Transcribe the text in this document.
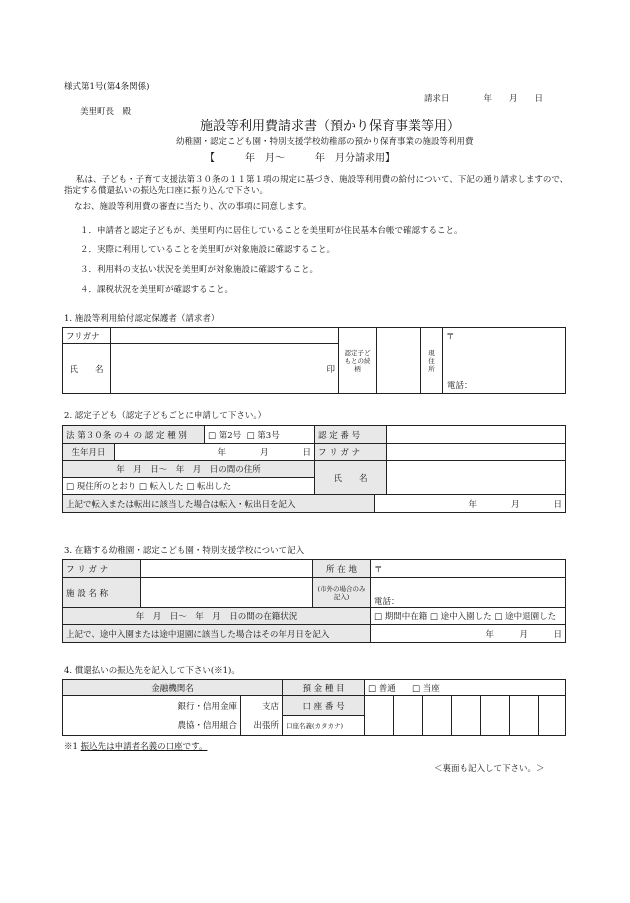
様式第1号(第4条関係)
請求日　　　　年　　月　　日
美里町長　殿
施設等利用費請求書（預かり保育事業等用）
幼稚園・認定こども園・特別支援学校幼稚部の預かり保育事業の施設等利用費
【　　　年　月～　　　年　月分請求用】
私は、子ども・子育て支援法第３０条の１１第１項の規定に基づき、施設等利用費の給付について、下記の通り請求しますので、指定する償還払いの振込先口座に振り込んで下さい。
なお、施設等利用費の審査に当たり、次の事項に同意します。
１．申請者と認定子どもが、美里町内に居住していることを美里町が住民基本台帳で確認すること。
２．実際に利用していることを美里町が対象施設に確認すること。
３．利用料の支払い状況を美里町が対象施設に確認すること。
４．課税状況を美里町が確認すること。
1. 施設等利用給付認定保護者（請求者）
フリガナ		認定子どもとの続柄		現住所	〒
電話：

氏　　名	印				
2. 認定子ども（認定子どもごとに申請して下さい。）
法 第３０条 の４ の 認 定 種 別		□ 第2号 □ 第3号	認 定 番 号		
生年月日	年　　　　月　　　　日		フ リ ガ ナ		
年　月　日～　年　月　日の間の住所			氏　　名		
□ 現住所のとおり □ 転入した □ 転出した					
上記で転入または転出に該当した場合は転入・転出日を記入				年　　　　月　　　　日	
3. 在籍する幼稚園・認定こども園・特別支援学校について記入
フ リ ガ ナ		所 在 地	〒
施 設 名 称		(市外の場合のみ記入)	電話：
年　月　日～　年　月　日の間の在籍状況			□ 期間中在籍 □ 途中入園した □ 途中退園した
上記で、途中入園または途中退園に該当した場合はその年月日を記入			年　　　月　　　日
4. 償還払いの振込先を記入して下さい(※1)。
金融機関名		預 金 種 目	□ 普通 □ 当座						
銀行・信用金庫	支店	口 座 番 号							
農協・信用組合	出張所	口座名義(カタカナ)							
※1 振込先は申請者名義の口座です。
＜裏面も記入して下さい。＞
